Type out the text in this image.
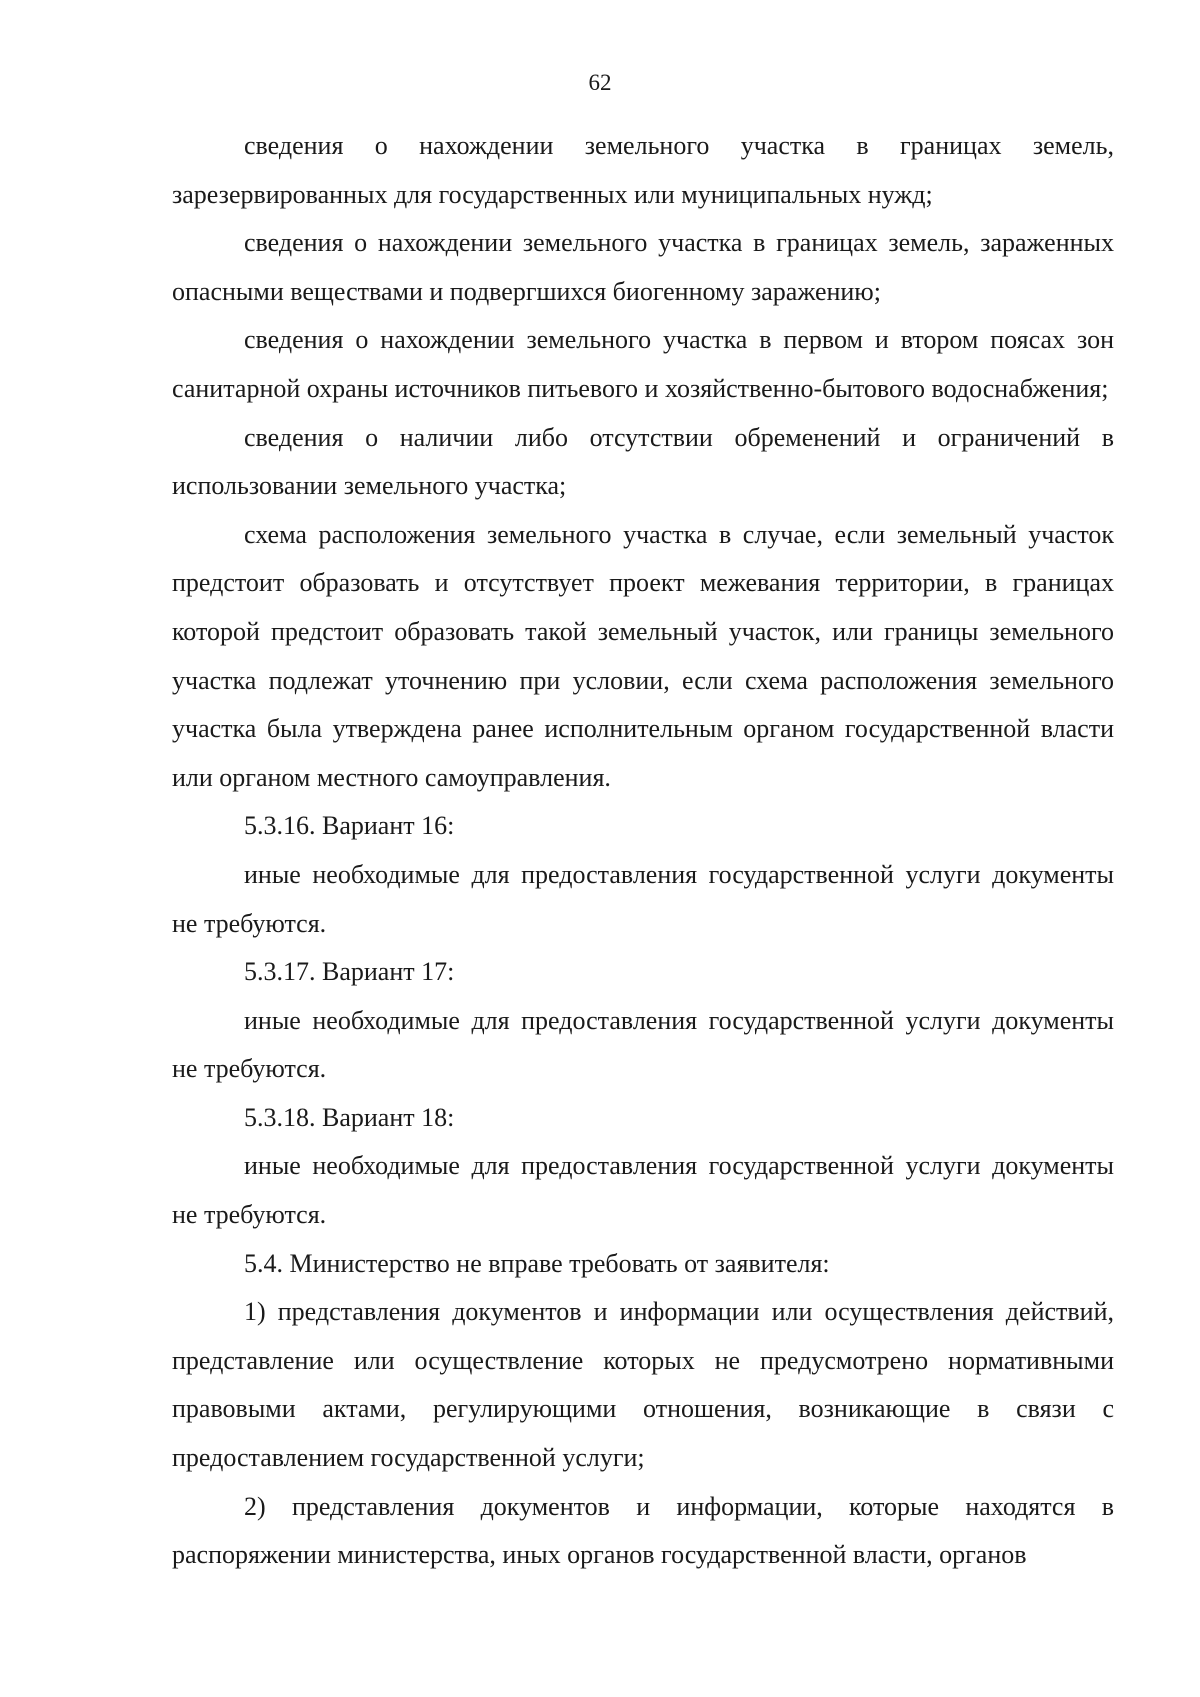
62

сведения о нахождении земельного участка в границах земель, зарезервированных для государственных или муниципальных нужд;

сведения о нахождении земельного участка в границах земель, зараженных опасными веществами и подвергшихся биогенному заражению;

сведения о нахождении земельного участка в первом и втором поясах зон санитарной охраны источников питьевого и хозяйственно-бытового водоснабжения;

сведения о наличии либо отсутствии обременений и ограничений в использовании земельного участка;

схема расположения земельного участка в случае, если земельный участок предстоит образовать и отсутствует проект межевания территории, в границах которой предстоит образовать такой земельный участок, или границы земельного участка подлежат уточнению при условии, если схема расположения земельного участка была утверждена ранее исполнительным органом государственной власти или органом местного самоуправления.

5.3.16. Вариант 16:

иные необходимые для предоставления государственной услуги документы не требуются.

5.3.17. Вариант 17:

иные необходимые для предоставления государственной услуги документы не требуются.

5.3.18. Вариант 18:

иные необходимые для предоставления государственной услуги документы не требуются.

5.4. Министерство не вправе требовать от заявителя:

1) представления документов и информации или осуществления действий, представление или осуществление которых не предусмотрено нормативными правовыми актами, регулирующими отношения, возникающие в связи с предоставлением государственной услуги;

2) представления документов и информации, которые находятся в распоряжении министерства, иных органов государственной власти, органов
